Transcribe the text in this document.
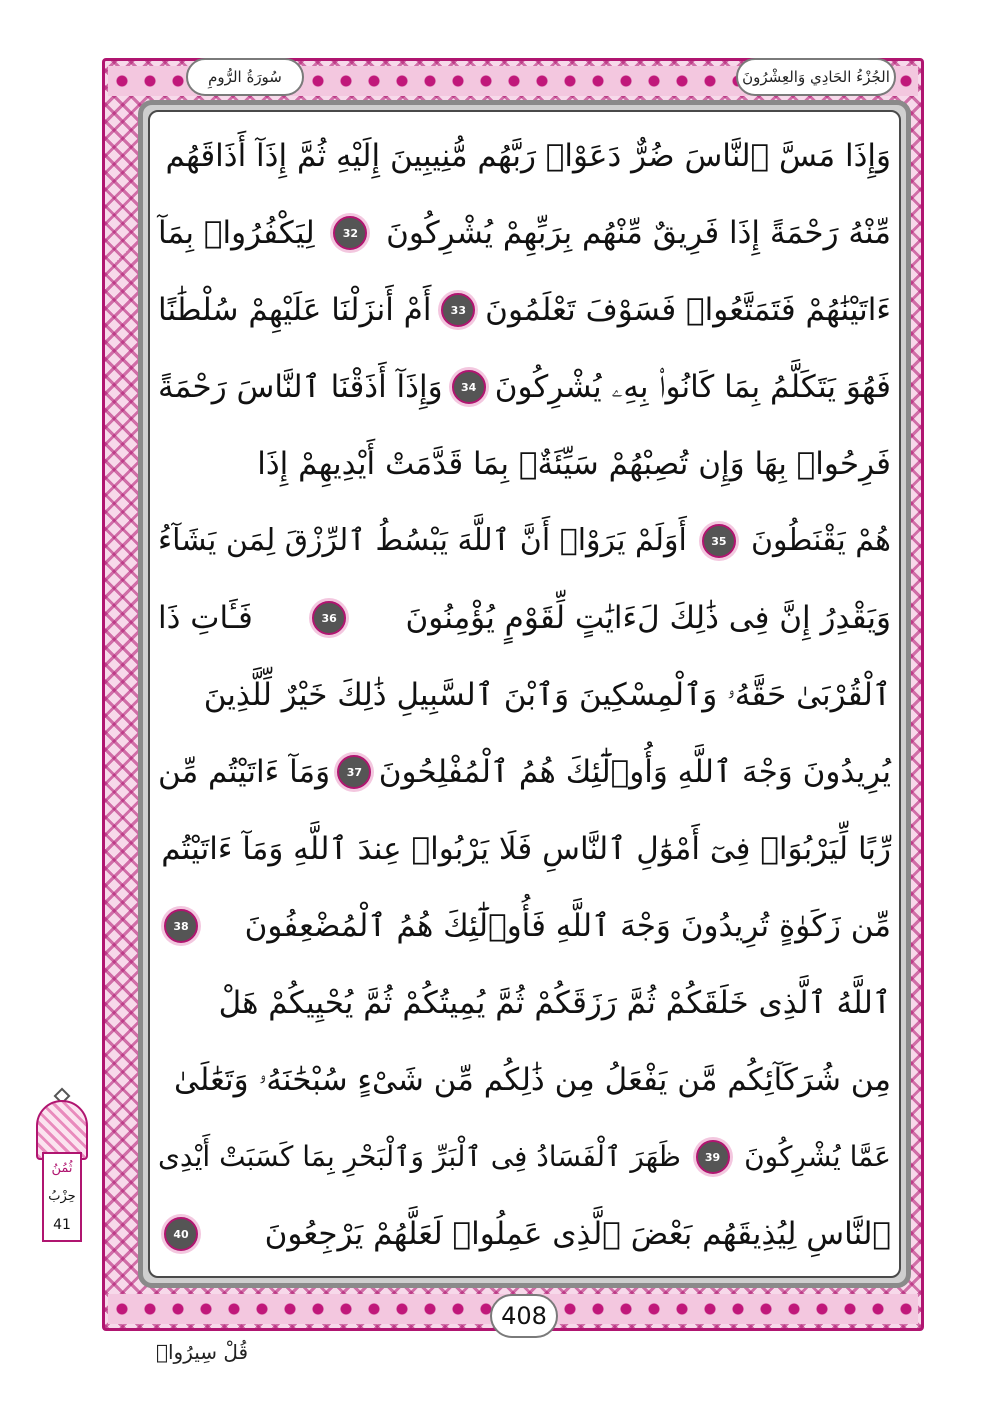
سُورَةُ الرُّومِ	الجُزْءُ الحَادِي وَالعِشْرُونَ
وَإِذَا مَسَّ ٱلنَّاسَ ضُرٌّ دَعَوْا۟ رَبَّهُم مُّنِيبِينَ إِلَيْهِ ثُمَّ إِذَآ أَذَاقَهُم
مِّنْهُ رَحْمَةً إِذَا فَرِيقٌ مِّنْهُم بِرَبِّهِمْ يُشْرِكُونَ
32
لِيَكْفُرُوا۟ بِمَآ
ءَاتَيْنَٰهُمْ فَتَمَتَّعُوا۟ فَسَوْفَ تَعْلَمُونَ
33
أَمْ أَنزَلْنَا عَلَيْهِمْ سُلْطَٰنًا
فَهُوَ يَتَكَلَّمُ بِمَا كَانُوا۟ بِهِۦ يُشْرِكُونَ
34
وَإِذَآ أَذَقْنَا ٱلنَّاسَ رَحْمَةً
فَرِحُوا۟ بِهَا وَإِن تُصِبْهُمْ سَيِّئَةٌۢ بِمَا قَدَّمَتْ أَيْدِيهِمْ إِذَا
هُمْ يَقْنَطُونَ
35
أَوَلَمْ يَرَوْا۟ أَنَّ ٱللَّهَ يَبْسُطُ ٱلرِّزْقَ لِمَن يَشَآءُ
وَيَقْدِرُ إِنَّ فِى ذَٰلِكَ لَءَايَٰتٍ لِّقَوْمٍ يُؤْمِنُونَ
36
فَـَٔاتِ ذَا
ٱلْقُرْبَىٰ حَقَّهُۥ وَٱلْمِسْكِينَ وَٱبْنَ ٱلسَّبِيلِ ذَٰلِكَ خَيْرٌ لِّلَّذِينَ
يُرِيدُونَ وَجْهَ ٱللَّهِ وَأُو۟لَٰٓئِكَ هُمُ ٱلْمُفْلِحُونَ
37
وَمَآ ءَاتَيْتُم مِّن
رِّبًا لِّيَرْبُوَا۟ فِىٓ أَمْوَٰلِ ٱلنَّاسِ فَلَا يَرْبُوا۟ عِندَ ٱللَّهِ وَمَآ ءَاتَيْتُم
مِّن زَكَوٰةٍ تُرِيدُونَ وَجْهَ ٱللَّهِ فَأُو۟لَٰٓئِكَ هُمُ ٱلْمُضْعِفُونَ
38
ٱللَّهُ ٱلَّذِى خَلَقَكُمْ ثُمَّ رَزَقَكُمْ ثُمَّ يُمِيتُكُمْ ثُمَّ يُحْيِيكُمْ هَلْ
مِن شُرَكَآئِكُم مَّن يَفْعَلُ مِن ذَٰلِكُم مِّن شَىْءٍ سُبْحَٰنَهُۥ وَتَعَٰلَىٰ
عَمَّا يُشْرِكُونَ
39
ظَهَرَ ٱلْفَسَادُ فِى ٱلْبَرِّ وَٱلْبَحْرِ بِمَا كَسَبَتْ أَيْدِى
ٱلنَّاسِ لِيُذِيقَهُم بَعْضَ ٱلَّذِى عَمِلُوا۟ لَعَلَّهُمْ يَرْجِعُونَ
40
408
ثُمُنُ
حِزْبُ
41
قُلْ سِيرُوا۟
